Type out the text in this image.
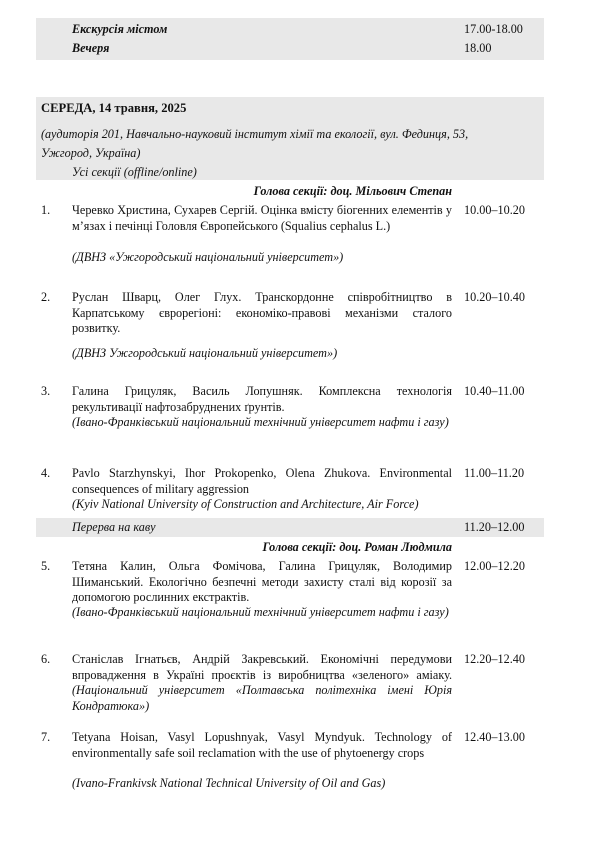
Екскурсія містом	17.00-18.00
Вечеря	18.00
СЕРЕДА, 14 травня, 2025
(аудиторія 201, Навчально-науковий інститут хімії та екології, вул. Фединця, 53, Ужгород, Україна)
Усі секції (offline/online)
Голова секції: доц. Мільович Степан
1. Черевко Христина, Сухарев Сергій. Оцінка вмісту біогенних елементів у м’язах і печінці Головля Європейського (Squalius cephalus L.)
(ДВНЗ «Ужгородський національний університет»)
10.00–10.20
2. Руслан Шварц, Олег Глух. Транскордонне співробітництво в Карпатському єврорегіоні: економіко-правові механізми сталого розвитку.
(ДВНЗ Ужгородський національний університет»)
10.20–10.40
3. Галина Грицуляк, Василь Лопушняк. Комплексна технологія рекультивації нафтозабруднених ґрунтів.
(Івано-Франківський національний технічний університет нафти і газу)
10.40–11.00
4. Pavlo Starzhynskyi, Ihor Prokopenko, Olena Zhukova. Environmental consequences of military aggression
(Kyiv National University of Construction and Architecture, Air Force)
11.00–11.20
Перерва на каву	11.20–12.00
Голова секції: доц. Роман Людмила
5. Тетяна Калин, Ольга Фомічова, Галина Грицуляк, Володимир Шиманський. Екологічно безпечні методи захисту сталі від корозії за допомогою рослинних екстрактів.
(Івано-Франківський національний технічний університет нафти і газу)
12.00–12.20
6. Станіслав Ігнатьєв, Андрій Закревський. Економічні передумови впровадження в Україні проєктів із виробництва «зеленого» аміаку. (Національний університет «Полтавська політехніка імені Юрія Кондратюка»)
12.20–12.40
7. Tetyana Hoisan, Vasyl Lopushnyak, Vasyl Myndyuk. Technology of environmentally safe soil reclamation with the use of phytoenergy crops
(Ivano-Frankivsk National Technical University of Oil and Gas)
12.40–13.00
